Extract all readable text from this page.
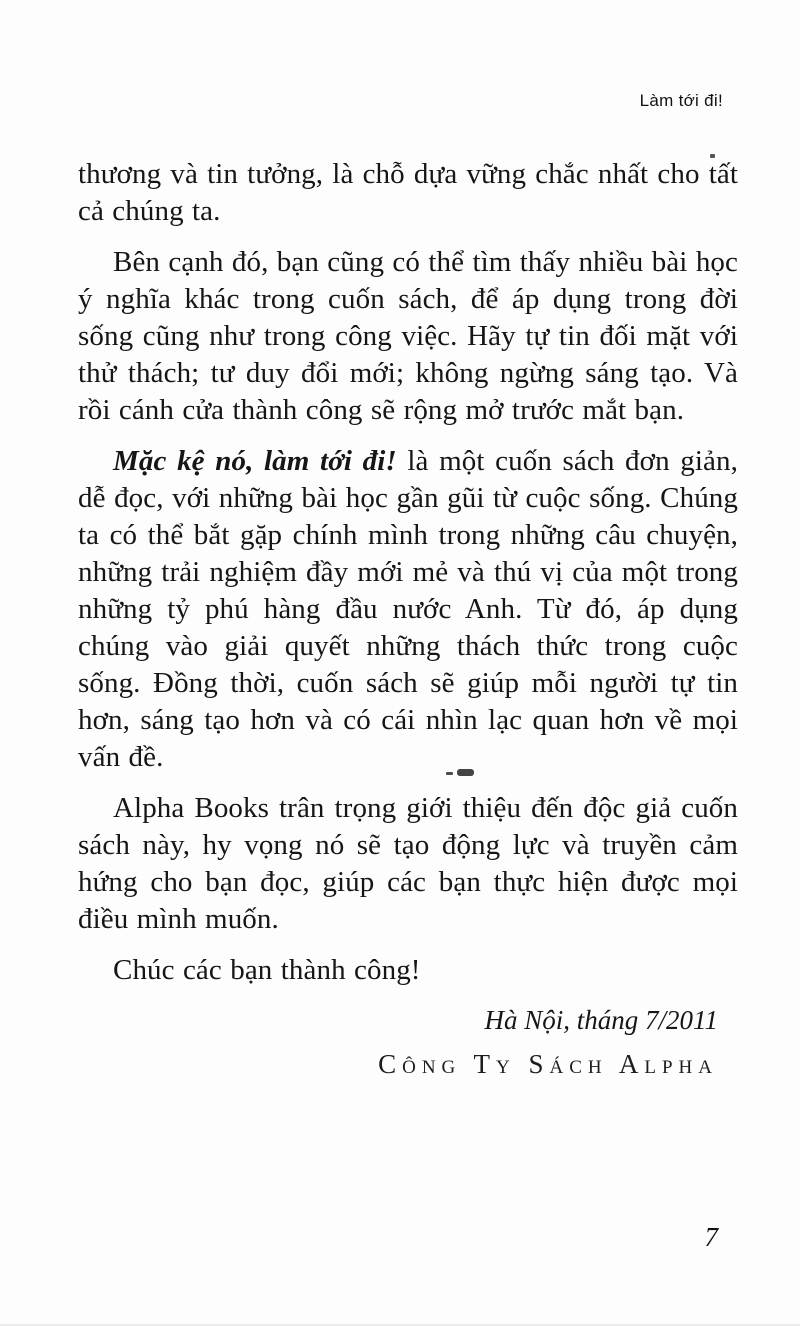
Làm tới đi!

thương và tin tưởng, là chỗ dựa vững chắc nhất cho tất cả chúng ta.

Bên cạnh đó, bạn cũng có thể tìm thấy nhiều bài học ý nghĩa khác trong cuốn sách, để áp dụng trong đời sống cũng như trong công việc. Hãy tự tin đối mặt với thử thách; tư duy đổi mới; không ngừng sáng tạo. Và rồi cánh cửa thành công sẽ rộng mở trước mắt bạn.

Mặc kệ nó, làm tới đi! là một cuốn sách đơn giản, dễ đọc, với những bài học gần gũi từ cuộc sống. Chúng ta có thể bắt gặp chính mình trong những câu chuyện, những trải nghiệm đầy mới mẻ và thú vị của một trong những tỷ phú hàng đầu nước Anh. Từ đó, áp dụng chúng vào giải quyết những thách thức trong cuộc sống. Đồng thời, cuốn sách sẽ giúp mỗi người tự tin hơn, sáng tạo hơn và có cái nhìn lạc quan hơn về mọi vấn đề.

Alpha Books trân trọng giới thiệu đến độc giả cuốn sách này, hy vọng nó sẽ tạo động lực và truyền cảm hứng cho bạn đọc, giúp các bạn thực hiện được mọi điều mình muốn.

Chúc các bạn thành công!

Hà Nội, tháng 7/2011

Công Ty Sách Alpha

7
